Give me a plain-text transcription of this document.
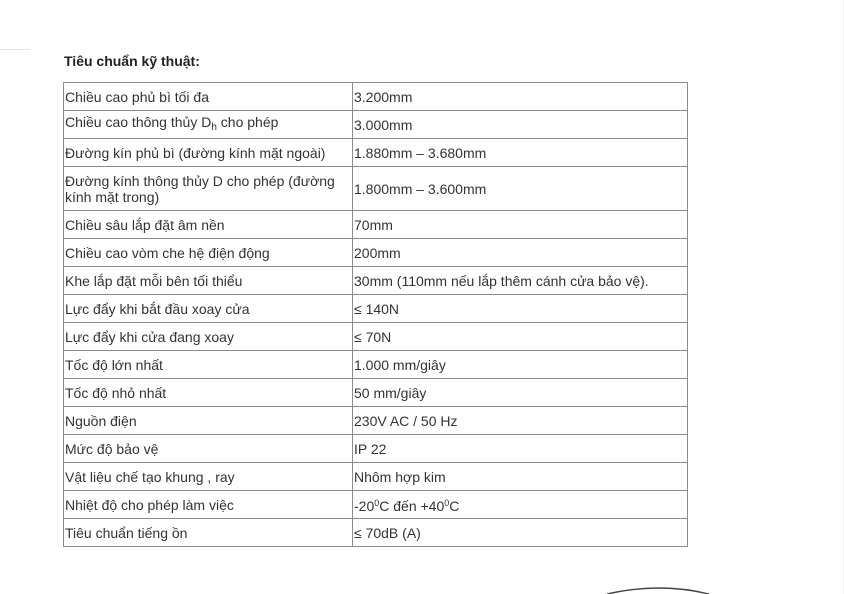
Tiêu chuẩn kỹ thuật:
Chiều cao phủ bì tối đa	3.200mm
Chiều cao thông thủy $D_h$ cho phép	3.000mm
Đường kín phủ bì (đường kính mặt ngoài)	1.880mm – 3.680mm
Đường kính thông thủy D cho phép (đường kính mặt trong)	1.800mm – 3.600mm
Chiều sâu lắp đặt âm nền	70mm
Chiều cao vòm che hệ điện động	200mm
Khe lắp đặt mỗi bên tối thiểu	30mm (110mm nếu lắp thêm cánh cửa bảo vệ).
Lực đẩy khi bắt đầu xoay cửa	≤ 140N
Lực đẩy khi cửa đang xoay	≤ 70N
Tốc độ lớn nhất	1.000 mm/giây
Tốc độ nhỏ nhất	50 mm/giây
Nguồn điện	230V AC / 50 Hz
Mức độ bảo vệ	IP 22
Vật liệu chế tạo khung , ray	Nhôm hợp kim
Nhiệt độ cho phép làm việc	$-20^0C$ đến $+40^0C$
Tiêu chuẩn tiếng ồn	≤ 70dB (A)
